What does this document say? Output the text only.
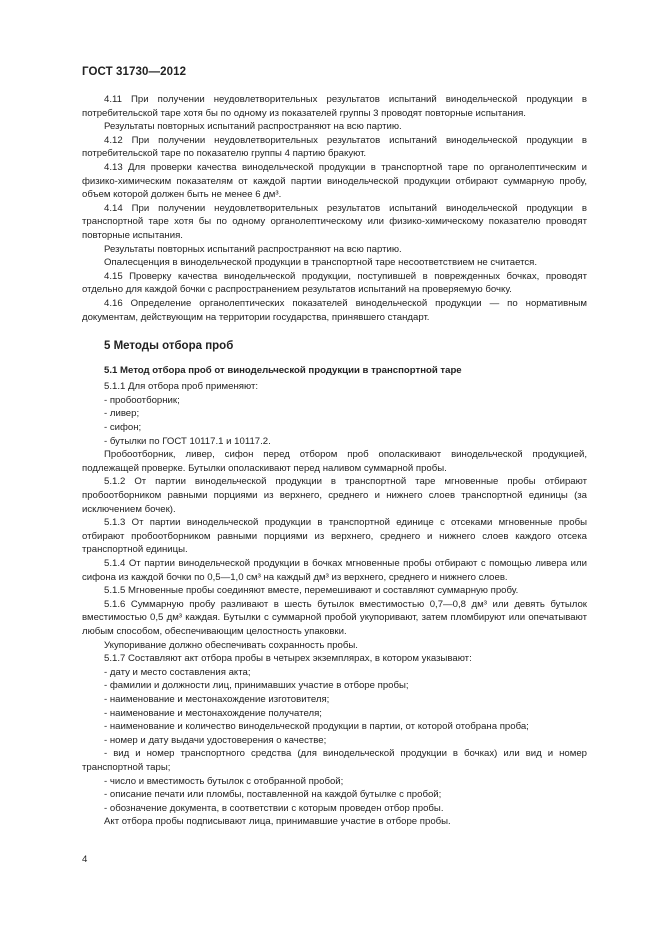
ГОСТ 31730—2012

4.11 При получении неудовлетворительных результатов испытаний винодельческой продукции в потребительской таре хотя бы по одному из показателей группы 3 проводят повторные испытания.

Результаты повторных испытаний распространяют на всю партию.

4.12 При получении неудовлетворительных результатов испытаний винодельческой продукции в потребительской таре по показателю группы 4 партию бракуют.

4.13 Для проверки качества винодельческой продукции в транспортной таре по органолептическим и физико-химическим показателям от каждой партии винодельческой продукции отбирают суммарную пробу, объем которой должен быть не менее 6 дм³.

4.14 При получении неудовлетворительных результатов испытаний винодельческой продукции в транспортной таре хотя бы по одному органолептическому или физико-химическому показателю проводят повторные испытания.

Результаты повторных испытаний распространяют на всю партию.

Опалесценция в винодельческой продукции в транспортной таре несоответствием не считается.

4.15 Проверку качества винодельческой продукции, поступившей в поврежденных бочках, проводят отдельно для каждой бочки с распространением результатов испытаний на проверяемую бочку.

4.16 Определение органолептических показателей винодельческой продукции — по нормативным документам, действующим на территории государства, принявшего стандарт.

5 Методы отбора проб
5.1 Метод отбора проб от винодельческой продукции в транспортной таре

5.1.1 Для отбора проб применяют:

- пробоотборник;

- ливер;

- сифон;

- бутылки по ГОСТ 10117.1 и 10117.2.

Пробоотборник, ливер, сифон перед отбором проб ополаскивают винодельческой продукцией, подлежащей проверке. Бутылки ополаскивают перед наливом суммарной пробы.

5.1.2 От партии винодельческой продукции в транспортной таре мгновенные пробы отбирают пробоотборником равными порциями из верхнего, среднего и нижнего слоев транспортной единицы (за исключением бочек).

5.1.3 От партии винодельческой продукции в транспортной единице с отсеками мгновенные пробы отбирают пробоотборником равными порциями из верхнего, среднего и нижнего слоев каждого отсека транспортной единицы.

5.1.4 От партии винодельческой продукции в бочках мгновенные пробы отбирают с помощью ливера или сифона из каждой бочки по 0,5—1,0 см³ на каждый дм³ из верхнего, среднего и нижнего слоев.

5.1.5 Мгновенные пробы соединяют вместе, перемешивают и составляют суммарную пробу.

5.1.6 Суммарную пробу разливают в шесть бутылок вместимостью 0,7—0,8 дм³ или девять бутылок вместимостью 0,5 дм³ каждая. Бутылки с суммарной пробой укупоривают, затем пломбируют или опечатывают любым способом, обеспечивающим целостность упаковки.

Укупоривание должно обеспечивать сохранность пробы.

5.1.7 Составляют акт отбора пробы в четырех экземплярах, в котором указывают:

- дату и место составления акта;

- фамилии и должности лиц, принимавших участие в отборе пробы;

- наименование и местонахождение изготовителя;

- наименование и местонахождение получателя;

- наименование и количество винодельческой продукции в партии, от которой отобрана проба;

- номер и дату выдачи удостоверения о качестве;

- вид и номер транспортного средства (для винодельческой продукции в бочках) или вид и номер транспортной тары;

- число и вместимость бутылок с отобранной пробой;

- описание печати или пломбы, поставленной на каждой бутылке с пробой;

- обозначение документа, в соответствии с которым проведен отбор пробы.

Акт отбора пробы подписывают лица, принимавшие участие в отборе пробы.

4
